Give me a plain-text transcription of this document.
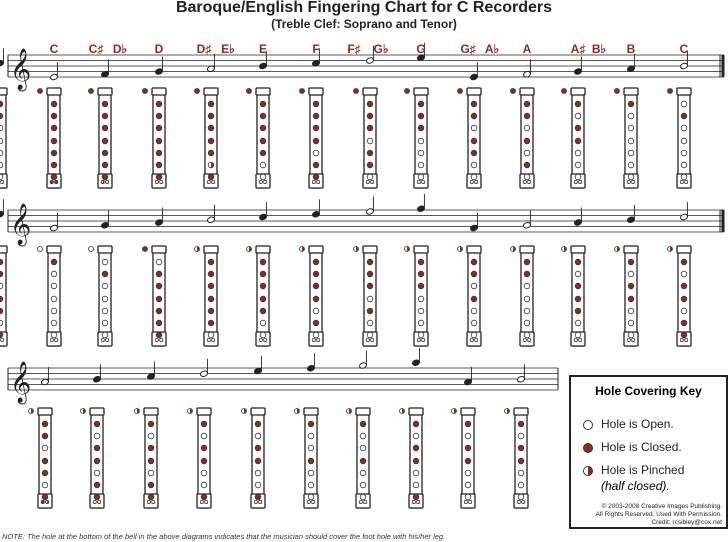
Baroque/English Fingering Chart for C Recorders
(Treble Clef: Soprano and Tenor)
𝄞
𝄞
𝄞
C	C♯ D♭ D	D♯ E♭ E	F F♯ G♭ G	G♯ A♭ A	A♯ B♭ B	C
Hole Covering Key
Hole is Open.
Hole is Closed.
Hole is Pinched
(half closed).
© 2003-2008 Creative Images Publishing.
All Rights Reserved. Used With Permission.
Credit: rcsibley@cox.net
NOTE: The hole at the bottom of the bell in the above diagrams indicates that the musician should cover the foot hole with his/her leg.
